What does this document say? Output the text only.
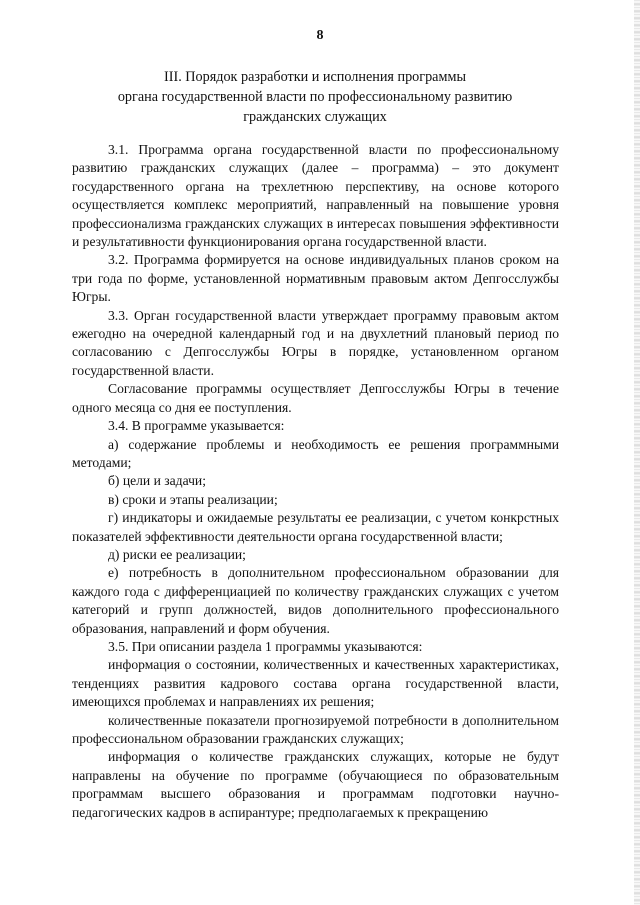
8
III. Порядок разработки и исполнения программы
органа государственной власти по профессиональному развитию
гражданских служащих

3.1. Программа органа государственной власти по профессиональному развитию гражданских служащих (далее – программа) – это документ государственного органа на трехлетнюю перспективу, на основе которого осуществляется комплекс мероприятий, направленный на повышение уровня профессионализма гражданских служащих в интересах повышения эффективности и результативности функционирования органа государственной власти.

3.2. Программа формируется на основе индивидуальных планов сроком на три года по форме, установленной нормативным правовым актом Депгосслужбы Югры.

3.3. Орган государственной власти утверждает программу правовым актом ежегодно на очередной календарный год и на двухлетний плановый период по согласованию с Депгосслужбы Югры в порядке, установленном органом государственной власти.

Согласование программы осуществляет Депгосслужбы Югры в течение одного месяца со дня ее поступления.

3.4. В программе указывается:

а) содержание проблемы и необходимость ее решения программными методами;

б) цели и задачи;

в) сроки и этапы реализации;

г) индикаторы и ожидаемые результаты ее реализации, с учетом конкрстных показателей эффективности деятельности органа государственной власти;

д) риски ее реализации;

е) потребность в дополнительном профессиональном образовании для каждого года с дифференциацией по количеству гражданских служащих с учетом категорий и групп должностей, видов дополнительного профессионального образования, направлений и форм обучения.

3.5. При описании раздела 1 программы указываются:

информация о состоянии, количественных и качественных характеристиках, тенденциях развития кадрового состава органа государственной власти, имеющихся проблемах и направлениях их решения;

количественные показатели прогнозируемой потребности в дополнительном профессиональном образовании гражданских служащих;

информация о количестве гражданских служащих, которые не будут направлены на обучение по программе (обучающиеся по образовательным программам высшего образования и программам подготовки научно-педагогических кадров в аспирантуре; предполагаемых к прекращению
